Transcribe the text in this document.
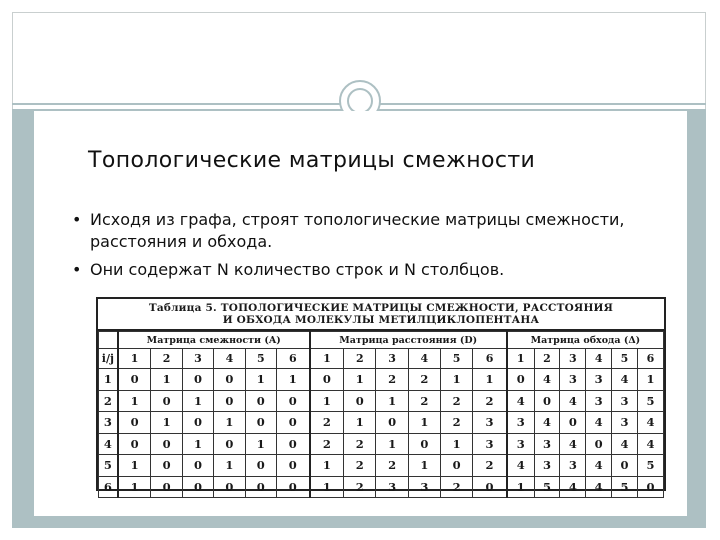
Топологические матрицы смежности
• Исходя из графа, строят топологические матрицы смежности, расстояния и обхода.
• Они содержат N количество строк и N столбцов.
Таблица 5. ТОПОЛОГИЧЕСКИЕ МАТРИЦЫ СМЕЖНОСТИ, РАССТОЯНИЯ
И ОБХОДА МОЛЕКУЛЫ МЕТИЛЦИКЛОПЕНТАНА
	Матрица смежности (A)						Матрица расстояния (D)						Матрица обхода (Δ)					
i/j	1	2	3	4	5	6	1	2	3	4	5	6	1	2	3	4	5	6
1	0	1	0	0	1	1	0	1	2	2	1	1	0	4	3	3	4	1
2	1	0	1	0	0	0	1	0	1	2	2	2	4	0	4	3	3	5
3	0	1	0	1	0	0	2	1	0	1	2	3	3	4	0	4	3	4
4	0	0	1	0	1	0	2	2	1	0	1	3	3	3	4	0	4	4
5	1	0	0	1	0	0	1	2	2	1	0	2	4	3	3	4	0	5
6	1	0	0	0	0	0	1	2	3	3	2	0	1	5	4	4	5	0
